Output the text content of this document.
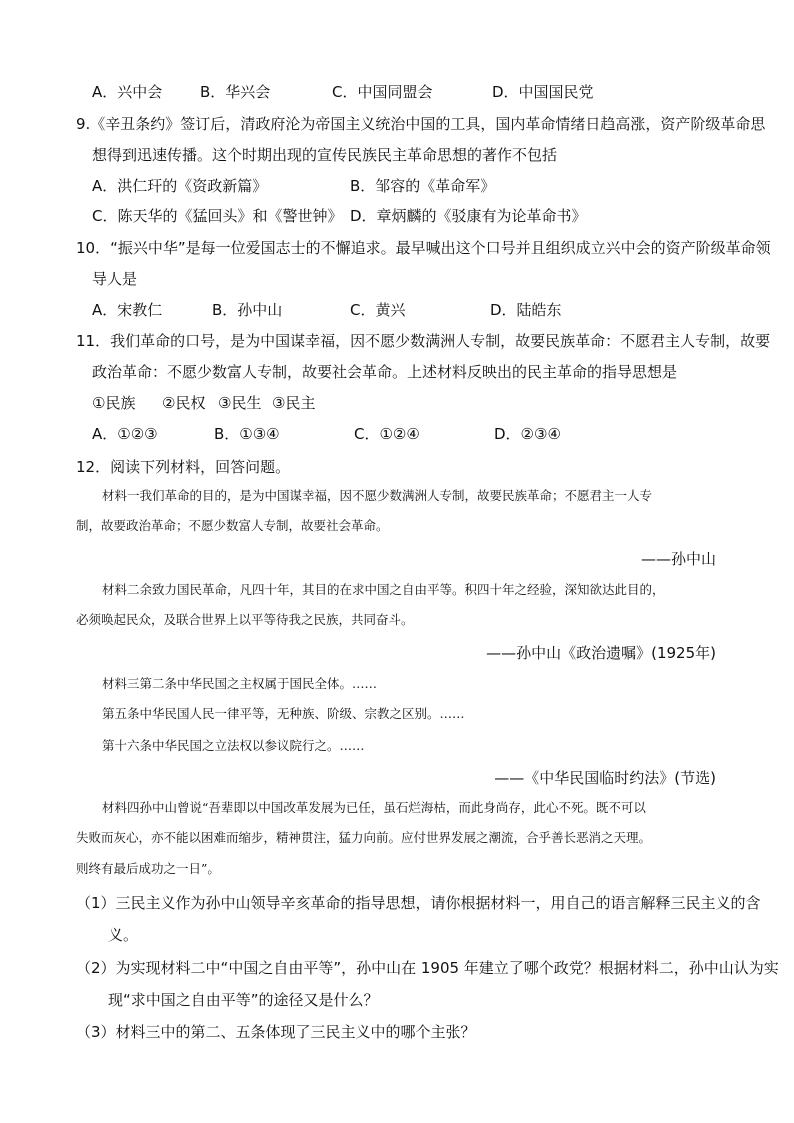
A．兴中会	B．华兴会	C．中国同盟会	D．中国国民党
9.《辛丑条约》签订后，清政府沦为帝国主义统治中国的工具，国内革命情绪日趋高涨，资产阶级革命思
想得到迅速传播。这个时期出现的宣传民族民主革命思想的著作不包括
A．洪仁玕的《资政新篇》	B．邹容的《革命军》
C．陈天华的《猛回头》和《警世钟》 D．章炳麟的《驳康有为论革命书》
10．“振兴中华”是每一位爱国志士的不懈追求。最早喊出这个口号并且组织成立兴中会的资产阶级革命领
导人是
A．宋教仁	B．孙中山	C．黄兴	D．陆皓东
11．我们革命的口号，是为中国谋幸福，因不愿少数满洲人专制，故要民族革命：不愿君主人专制，故要
政治革命：不愿少数富人专制，故要社会革命。上述材料反映出的民主革命的指导思想是
①民族 ②民权 ③民生 ③民主
A．①②③	B．①③④	C．①②④	D．②③④
12．阅读下列材料，回答问题。
材料一我们革命的目的，是为中国谋幸福，因不愿少数满洲人专制，故要民族革命；不愿君主一人专
制，故要政治革命；不愿少数富人专制，故要社会革命。
——孙中山
材料二余致力国民革命，凡四十年，其目的在求中国之自由平等。积四十年之经验，深知欲达此目的，
必须唤起民众，及联合世界上以平等待我之民族，共同奋斗。
——孙中山《政治遗嘱》(1925年)
材料三第二条中华民国之主权属于国民全体。……
第五条中华民国人民一律平等，无种族、阶级、宗教之区别。……
第十六条中华民国之立法权以参议院行之。……
——《中华民国临时约法》(节选)
材料四孙中山曾说“吾辈即以中国改革发展为已任，虽石烂海枯，而此身尚存，此心不死。既不可以
失败而灰心，亦不能以困难而缩步，精神贯注，猛力向前。应付世界发展之潮流，合乎善长恶消之天理。
则终有最后成功之一日”。
（1）三民主义作为孙中山领导辛亥革命的指导思想，请你根据材料一，用自己的语言解释三民主义的含
义。
（2）为实现材料二中“中国之自由平等”，孙中山在 1905 年建立了哪个政党？根据材料二，孙中山认为实
现“求中国之自由平等”的途径又是什么？
（3）材料三中的第二、五条体现了三民主义中的哪个主张？
